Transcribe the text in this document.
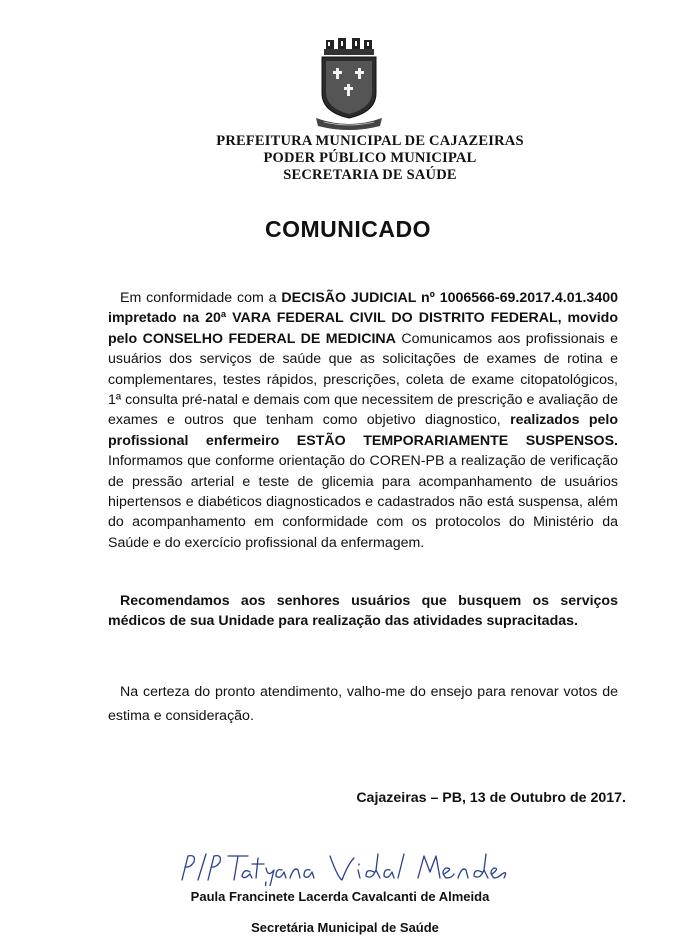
PREFEITURA MUNICIPAL DE CAJAZEIRAS
PODER PÚBLICO MUNICIPAL
SECRETARIA DE SAÚDE
COMUNICADO
Em conformidade com a DECISÃO JUDICIAL nº 1006566-69.2017.4.01.3400 impretado na 20ª VARA FEDERAL CIVIL DO DISTRITO FEDERAL, movido pelo CONSELHO FEDERAL DE MEDICINA Comunicamos aos profissionais e usuários dos serviços de saúde que as solicitações de exames de rotina e complementares, testes rápidos, prescrições, coleta de exame citopatológicos, 1ª consulta pré-natal e demais com que necessitem de prescrição e avaliação de exames e outros que tenham como objetivo diagnostico, realizados pelo profissional enfermeiro ESTÃO TEMPORARIAMENTE SUSPENSOS. Informamos que conforme orientação do COREN-PB a realização de verificação de pressão arterial e teste de glicemia para acompanhamento de usuários hipertensos e diabéticos diagnosticados e cadastrados não está suspensa, além do acompanhamento em conformidade com os protocolos do Ministério da Saúde e do exercício profissional da enfermagem.
Recomendamos aos senhores usuários que busquem os serviços médicos de sua Unidade para realização das atividades supracitadas.
Na certeza do pronto atendimento, valho-me do ensejo para renovar votos de estima e consideração.
Cajazeiras – PB, 13 de Outubro de 2017.
Paula Francinete Lacerda Cavalcanti de Almeida
Secretária Municipal de Saúde
